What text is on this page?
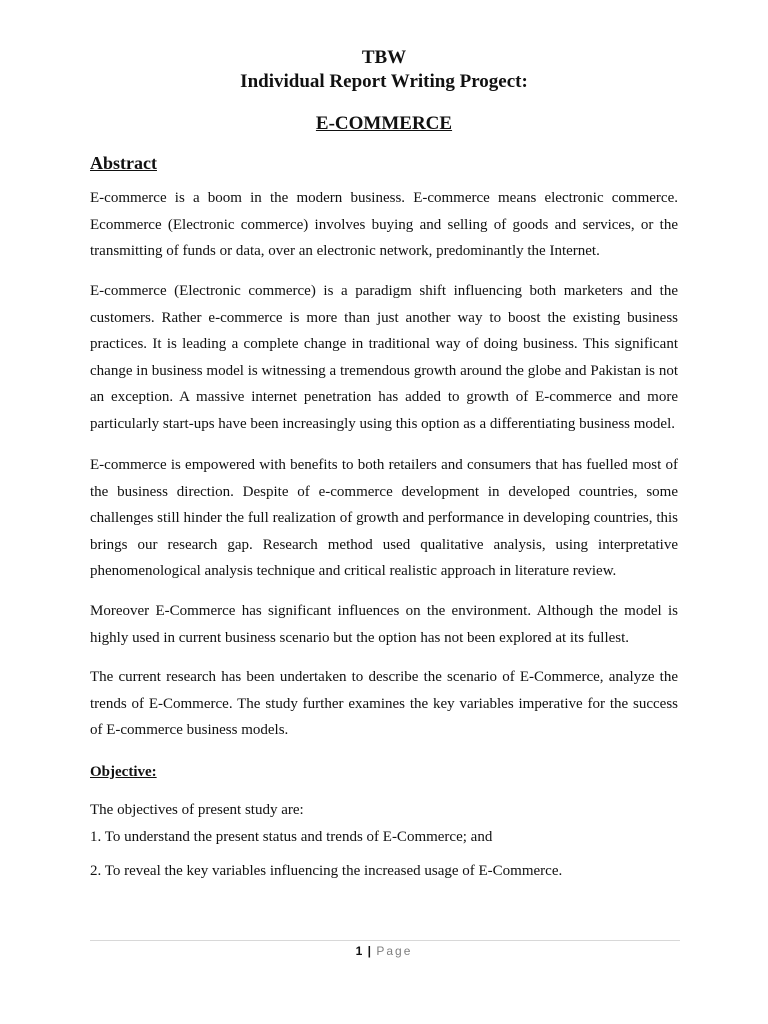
TBW
Individual Report Writing Progect:
E-COMMERCE
Abstract

E-commerce is a boom in the modern business. E-commerce means electronic commerce. Ecommerce (Electronic commerce) involves buying and selling of goods and services, or the transmitting of funds or data, over an electronic network, predominantly the Internet.

E-commerce (Electronic commerce) is a paradigm shift influencing both marketers and the customers. Rather e-commerce is more than just another way to boost the existing business practices. It is leading a complete change in traditional way of doing business. This significant change in business model is witnessing a tremendous growth around the globe and Pakistan is not an exception. A massive internet penetration has added to growth of E-commerce and more particularly start-ups have been increasingly using this option as a differentiating business model.

E-commerce is empowered with benefits to both retailers and consumers that has fuelled most of the business direction. Despite of e-commerce development in developed countries, some challenges still hinder the full realization of growth and performance in developing countries, this brings our research gap. Research method used qualitative analysis, using interpretative phenomenological analysis technique and critical realistic approach in literature review.

Moreover E-Commerce has significant influences on the environment. Although the model is highly used in current business scenario but the option has not been explored at its fullest.

The current research has been undertaken to describe the scenario of E-Commerce, analyze the trends of E-Commerce. The study further examines the key variables imperative for the success of E-commerce business models.

Objective:

The objectives of present study are:

1. To understand the present status and trends of E-Commerce; and

2. To reveal the key variables influencing the increased usage of E-Commerce.

1 | Page
